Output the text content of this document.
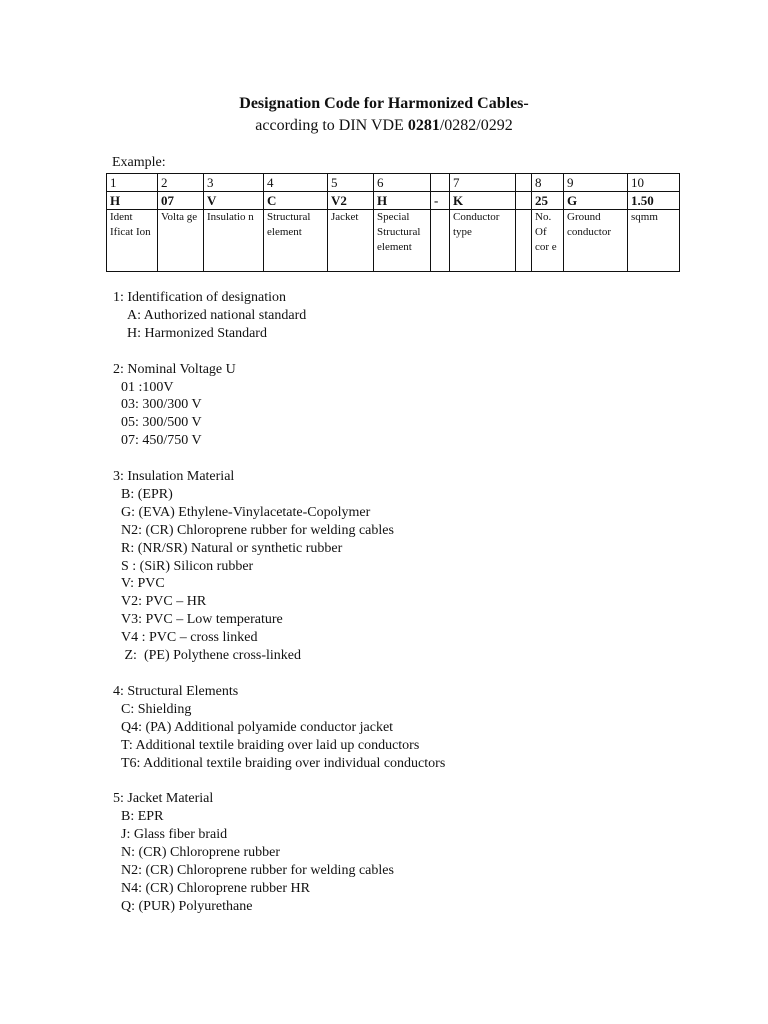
Designation Code for Harmonized Cables-
according to DIN VDE 0281/0282/0292
Example:
1	2	3	4	5	6		7		8	9	10
H	07	V	C	V2	H	-	K		25	G	1.50
Ident Ificat Ion	Volta ge	Insulatio n	Structural element	Jacket	Special Structural element		Conductor type		No. Of cor e	Ground conductor	sqmm
1: Identification of designation
A: Authorized national standard
H: Harmonized Standard
2: Nominal Voltage U
01 :100V
03: 300/300 V
05: 300/500 V
07: 450/750 V
3: Insulation Material
B: (EPR)
G: (EVA) Ethylene-Vinylacetate-Copolymer
N2: (CR) Chloroprene rubber for welding cables
R: (NR/SR) Natural or synthetic rubber
S : (SiR) Silicon rubber
V: PVC
V2: PVC – HR
V3: PVC – Low temperature
V4 : PVC – cross linked
Z:  (PE) Polythene cross-linked
4: Structural Elements
C: Shielding
Q4: (PA) Additional polyamide conductor jacket
T: Additional textile braiding over laid up conductors
T6: Additional textile braiding over individual conductors
5: Jacket Material
B: EPR
J: Glass fiber braid
N: (CR) Chloroprene rubber
N2: (CR) Chloroprene rubber for welding cables
N4: (CR) Chloroprene rubber HR
Q: (PUR) Polyurethane
